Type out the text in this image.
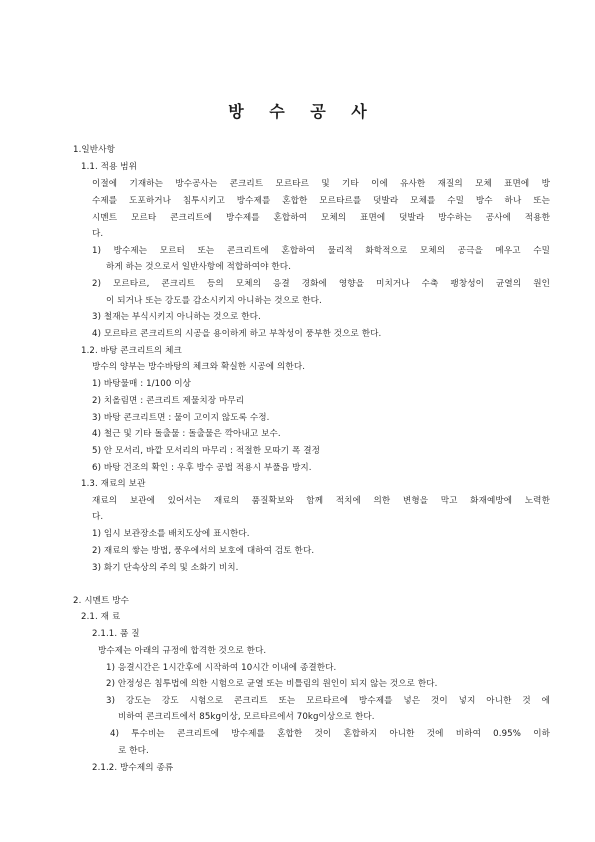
방 수 공 사
1.일반사항
1.1. 적용 범위
이절에 기재하는 방수공사는 콘크리트 모르타르 및 기타 이에 유사한 재질의 모체 표면에 방
수제를 도포하거나 침투시키고 방수제를 혼합한 모르타르를 덧발라 모체를 수밀 방수 하나 또는
시멘트 모르타 콘크리트에 방수제를 혼합하여 모체의 표면에 덧발라 방수하는 공사에 적용한
다.
1) 방수제는 모르터 또는 콘크리트에 혼합하여 물리적 화학적으로 모체의 공극을 메우고 수밀
하게 하는 것으로서 일반사항에 적합하여야 한다.
2) 모르타르, 콘크리트 등의 모체의 응결 경화에 영향을 미치거나 수축 팽창성이 균열의 원인
이 되거나 또는 강도를 감소시키지 아니하는 것으로 한다.
3) 철재는 부식시키지 아니하는 것으로 한다.
4) 모르타르 콘크리트의 시공을 용이하게 하고 부착성이 풍부한 것으로 한다.
1.2. 바탕 콘크리트의 체크
방수의 양부는 방수바탕의 체크와 확실한 시공에 의한다.
1) 바탕물매 : 1/100 이상
2) 치올림면 : 콘크리트 제물치장 마무리
3) 바탕 콘크리트면 : 물이 고이지 않도록 수정.
4) 철근 및 기타 돌출물 : 돌출물은 깍아내고 보수.
5) 안 모서리, 바깥 모서리의 마무리 : 적절한 모따기 폭 결정
6) 바탕 건조의 확인 : 우후 방수 공법 적용시 부풀음 방지.
1.3. 재료의 보관
재료의 보관에 있어서는 재료의 품질확보와 함께 적치에 의한 변형을 막고 화재예방에 노력한
다.
1) 임시 보관장소를 배치도상에 표시한다.
2) 재료의 쌓는 방법, 풍우에서의 보호에 대하여 검토 한다.
3) 화기 단속상의 주의 및 소화기 비치.
2. 시멘트 방수
2.1. 재 료
2.1.1. 품 질
방수제는 아래의 규정에 합격한 것으로 한다.
1) 응결시간은 1시간후에 시작하여 10시간 이내에 종결한다.
2) 안정성은 침투법에 의한 시험으로 균열 또는 비틀림의 원인이 되지 않는 것으로 한다.
3) 강도는 강도 시험으로 콘크리트 또는 모르타르에 방수제를 넣은 것이 넣지 아니한 것 에
비하여 콘크리트에서 85kg이상, 모르타르에서 70kg이상으로 한다.
4) 투수비는 콘크리트에 방수제를 혼합한 것이 혼합하지 아니한 것에 비하여 0.95% 이하
로 한다.
2.1.2. 방수제의 종류
